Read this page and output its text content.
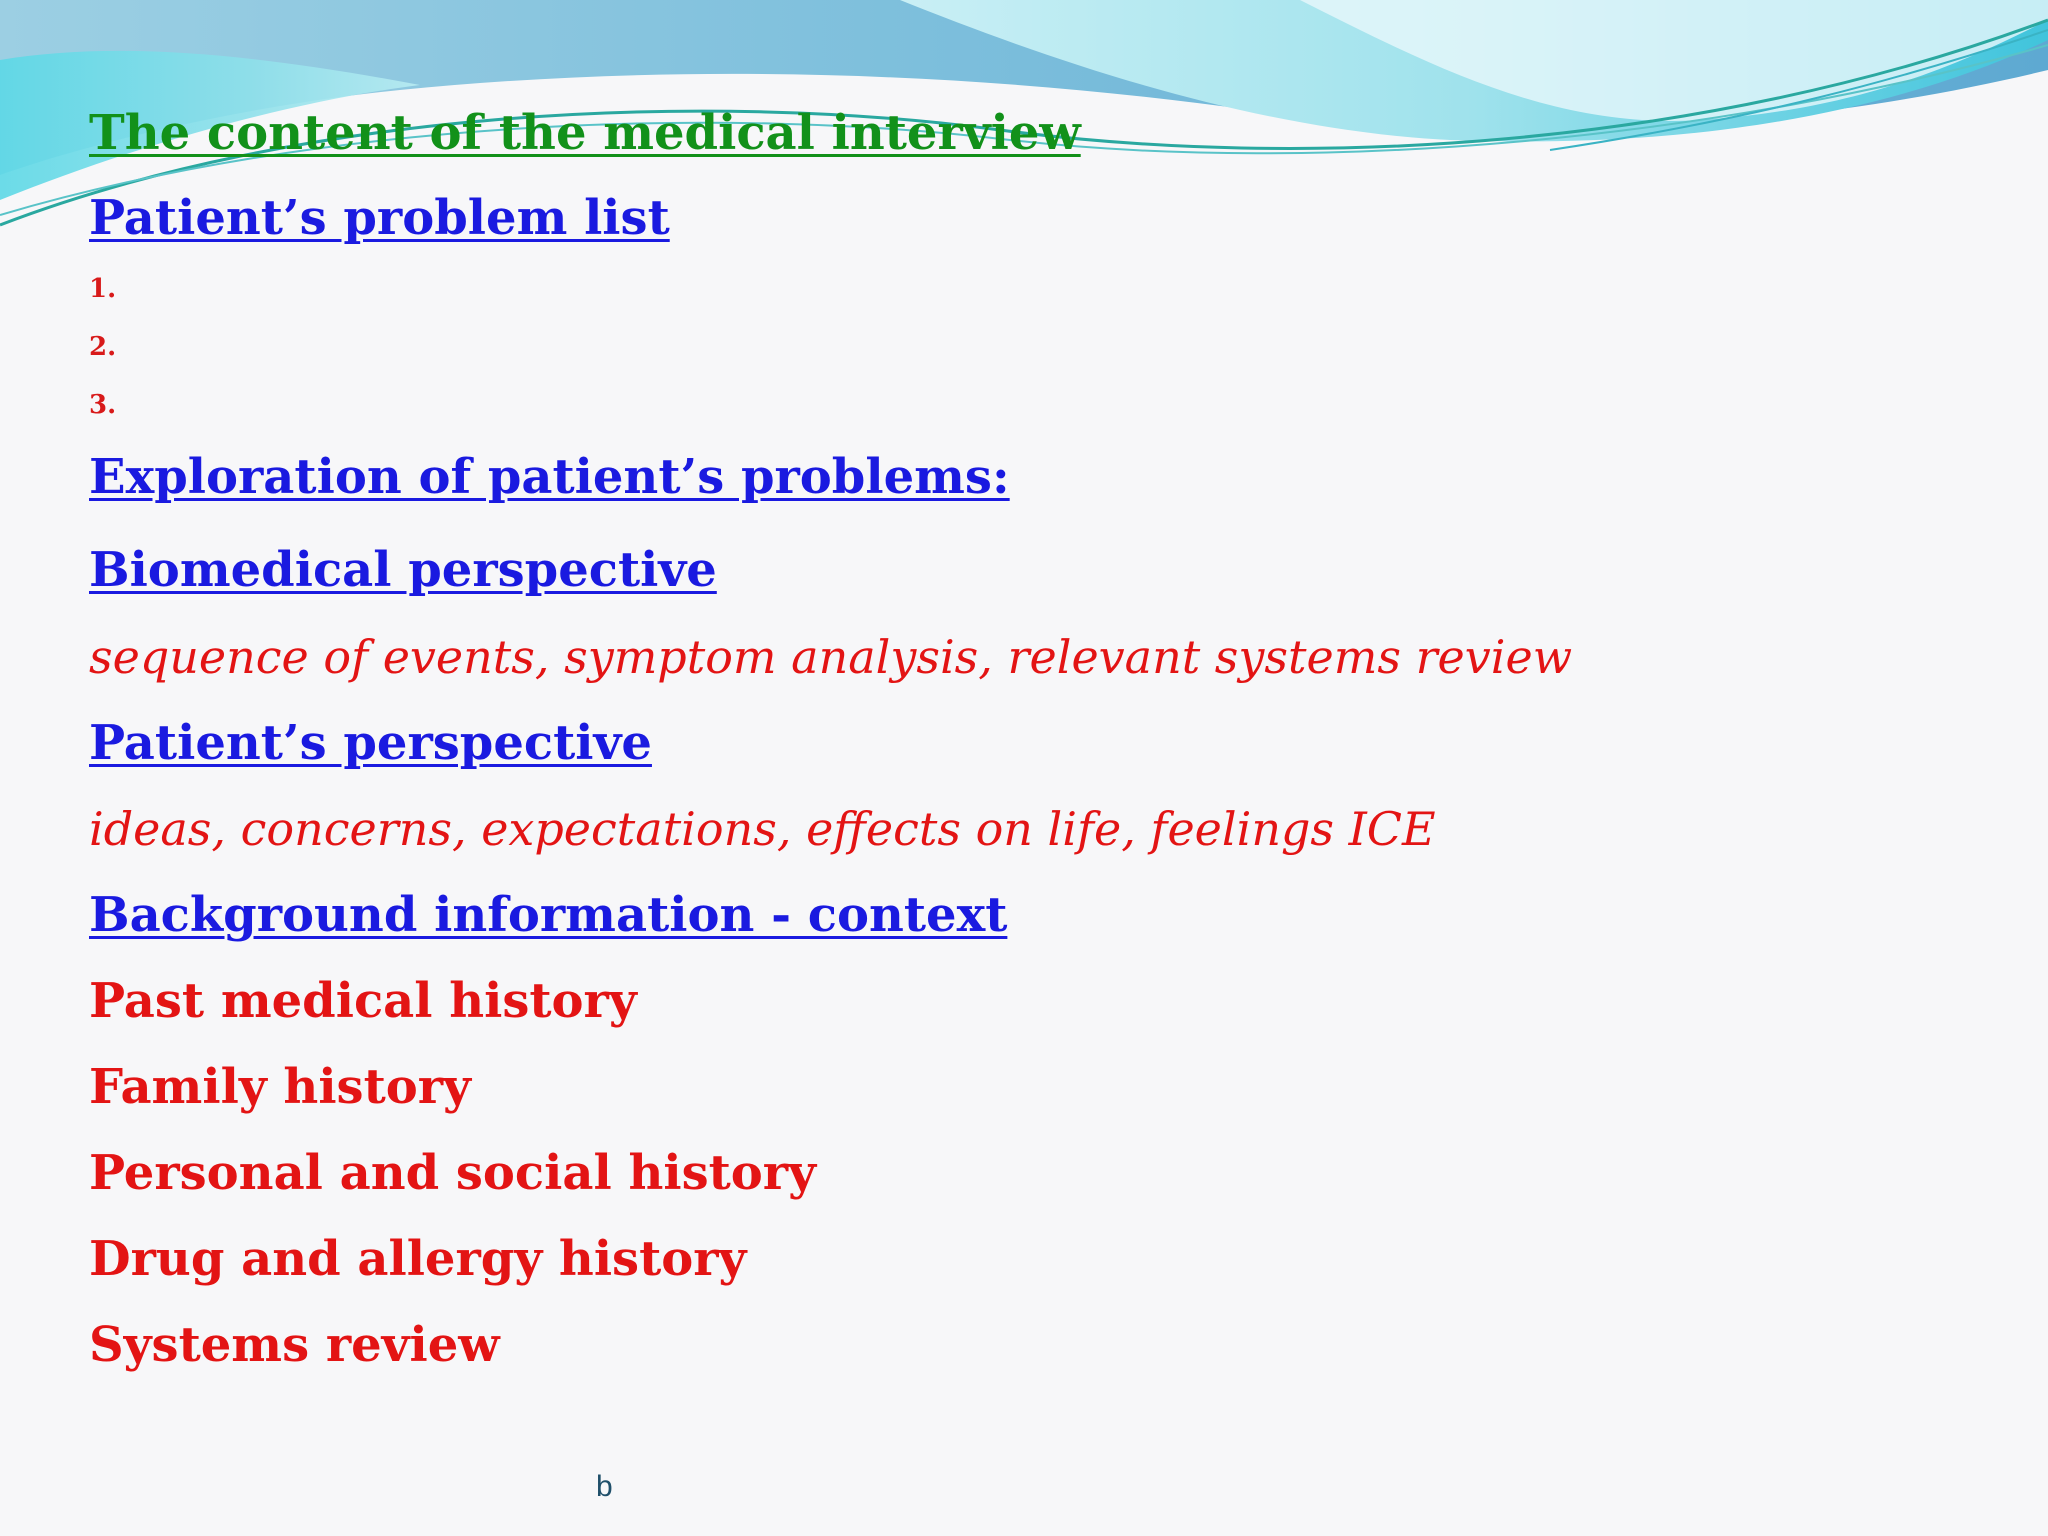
The content of the medical interview

Patient’s problem list

1.

2.

3.

Exploration of patient’s problems:

Biomedical perspective

sequence of events, symptom analysis, relevant systems review

Patient’s perspective

ideas, concerns, expectations, effects on life, feelings ICE

Background information - context

Past medical history

Family history

Personal and social history

Drug and allergy history

Systems review

b
